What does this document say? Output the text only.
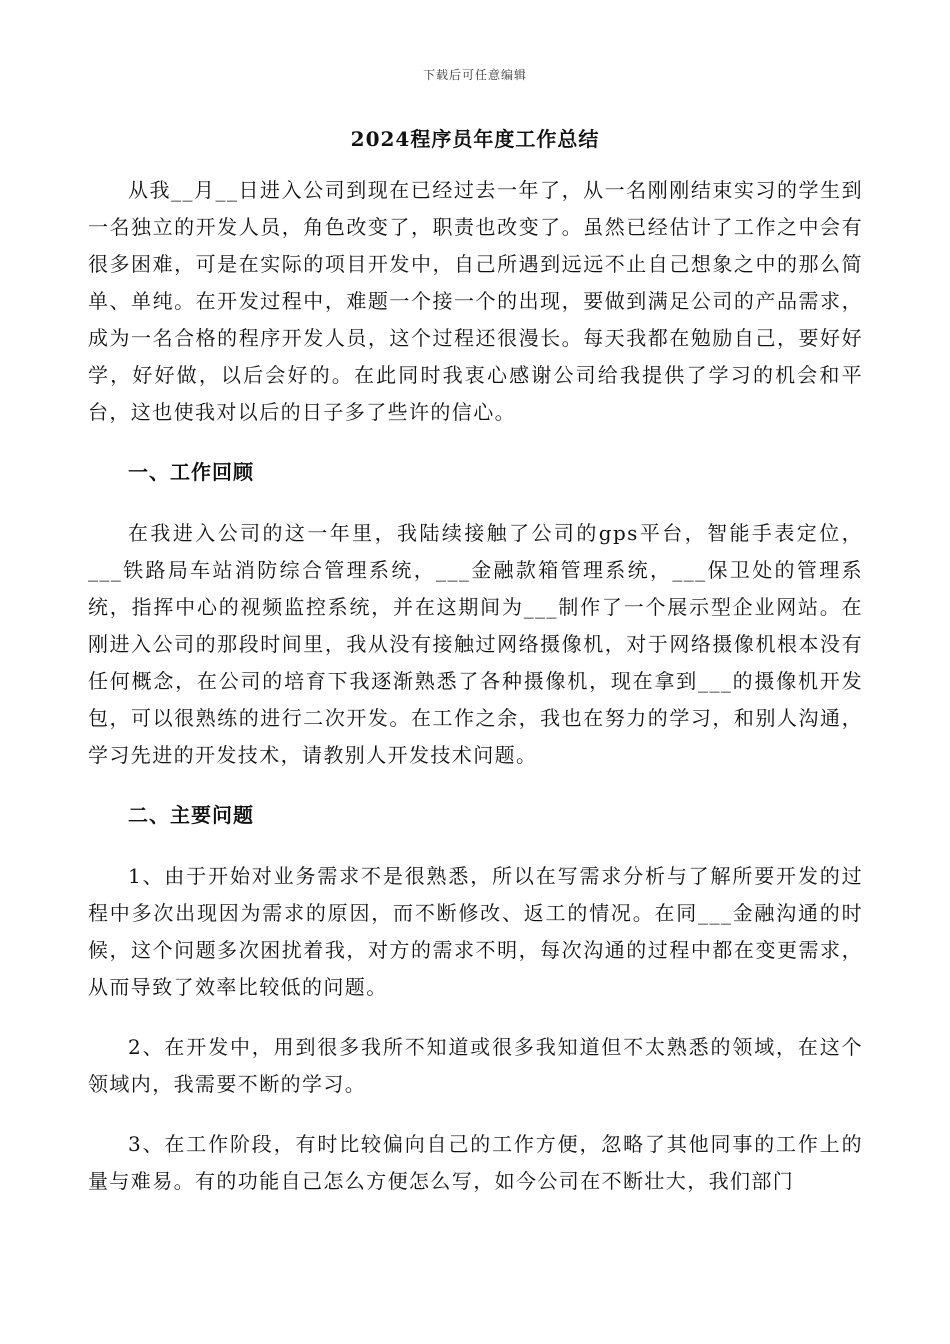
下载后可任意编辑
2024程序员年度工作总结

从我__月__日进入公司到现在已经过去一年了，从一名刚刚结束实习的学生到一名独立的开发人员，角色改变了，职责也改变了。虽然已经估计了工作之中会有很多困难，可是在实际的项目开发中，自己所遇到远远不止自己想象之中的那么简单、单纯。在开发过程中，难题一个接一个的出现，要做到满足公司的产品需求，成为一名合格的程序开发人员，这个过程还很漫长。每天我都在勉励自己，要好好学，好好做，以后会好的。在此同时我衷心感谢公司给我提供了学习的机会和平台，这也使我对以后的日子多了些许的信心。

一、工作回顾

在我进入公司的这一年里，我陆续接触了公司的gps平台，智能手表定位，___铁路局车站消防综合管理系统，___金融款箱管理系统，___保卫处的管理系统，指挥中心的视频监控系统，并在这期间为___制作了一个展示型企业网站。在刚进入公司的那段时间里，我从没有接触过网络摄像机，对于网络摄像机根本没有任何概念，在公司的培育下我逐渐熟悉了各种摄像机，现在拿到___的摄像机开发包，可以很熟练的进行二次开发。在工作之余，我也在努力的学习，和别人沟通，学习先进的开发技术，请教别人开发技术问题。

二、主要问题

1、由于开始对业务需求不是很熟悉，所以在写需求分析与了解所要开发的过程中多次出现因为需求的原因，而不断修改、返工的情况。在同___金融沟通的时候，这个问题多次困扰着我，对方的需求不明，每次沟通的过程中都在变更需求，从而导致了效率比较低的问题。

2、在开发中，用到很多我所不知道或很多我知道但不太熟悉的领域，在这个领域内，我需要不断的学习。

3、在工作阶段，有时比较偏向自己的工作方便，忽略了其他同事的工作上的量与难易。有的功能自己怎么方便怎么写，如今公司在不断壮大，我们部门
